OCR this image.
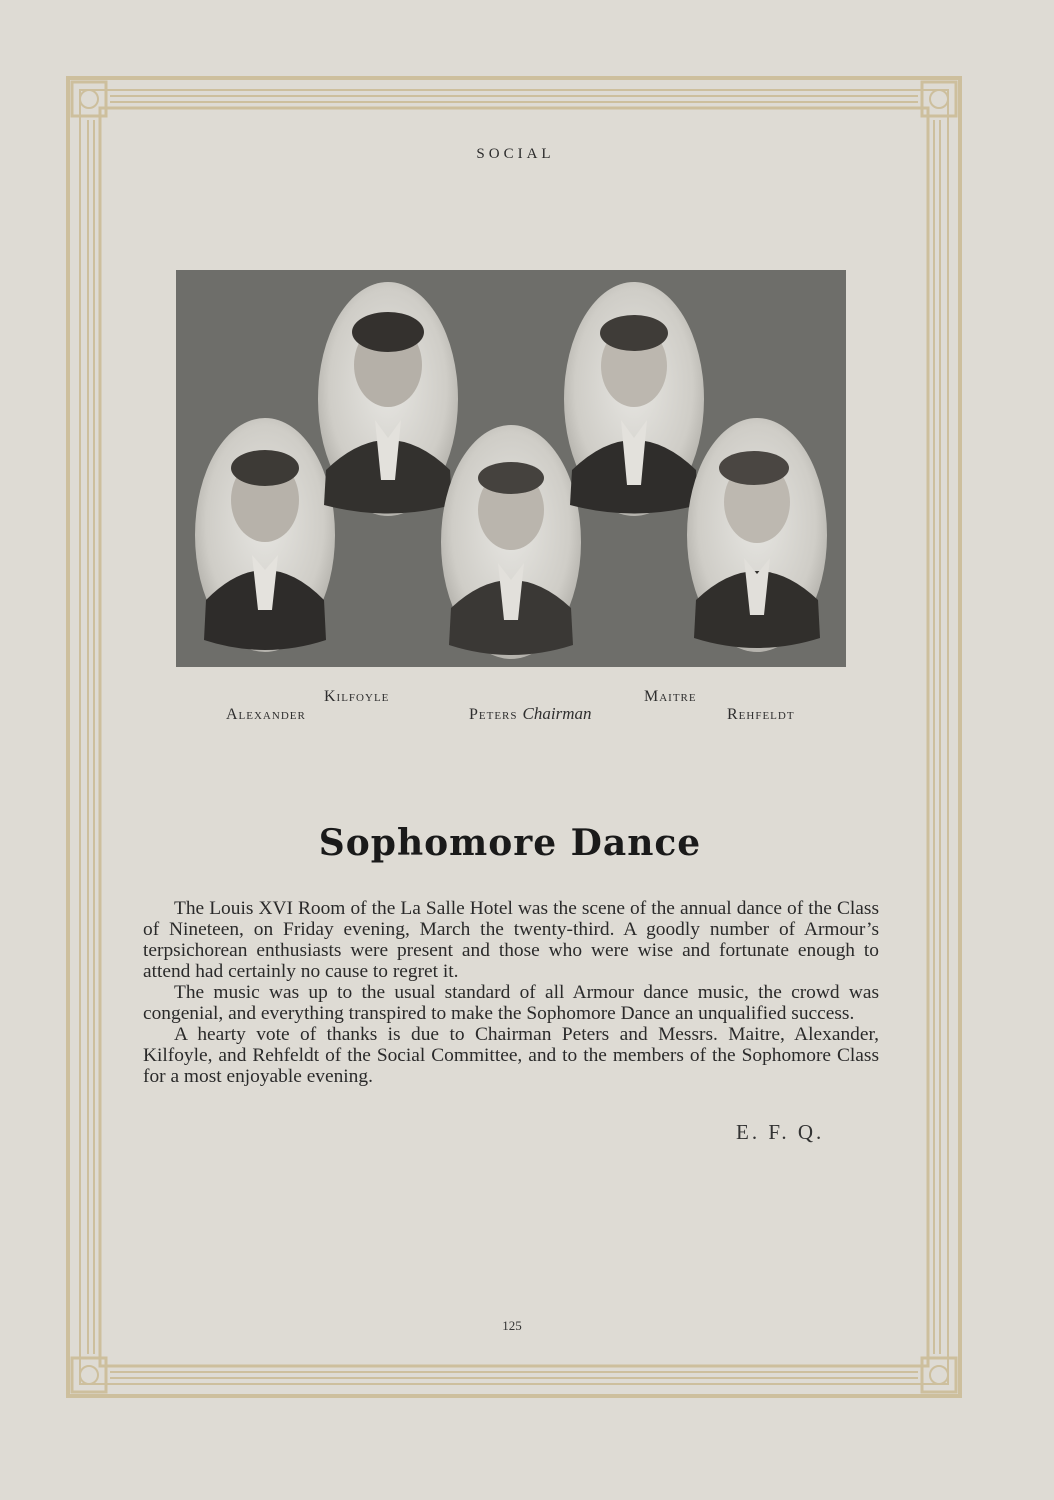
SOCIAL
Kilfoyle
Alexander	Peters Chairman
Maitre
Rehfeldt
Sophomore Dance

The Louis XVI Room of the La Salle Hotel was the scene of the annual dance of the Class of Nineteen, on Friday evening, March the twenty-third. A goodly number of Armour’s terpsichorean enthusiasts were present and those who were wise and fortunate enough to attend had certainly no cause to regret it.

The music was up to the usual standard of all Armour dance music, the crowd was congenial, and everything transpired to make the Sophomore Dance an unqualified success.

A hearty vote of thanks is due to Chairman Peters and Messrs. Maitre, Alexander, Kilfoyle, and Rehfeldt of the Social Committee, and to the members of the Sophomore Class for a most enjoyable evening.

E. F. Q.
125
